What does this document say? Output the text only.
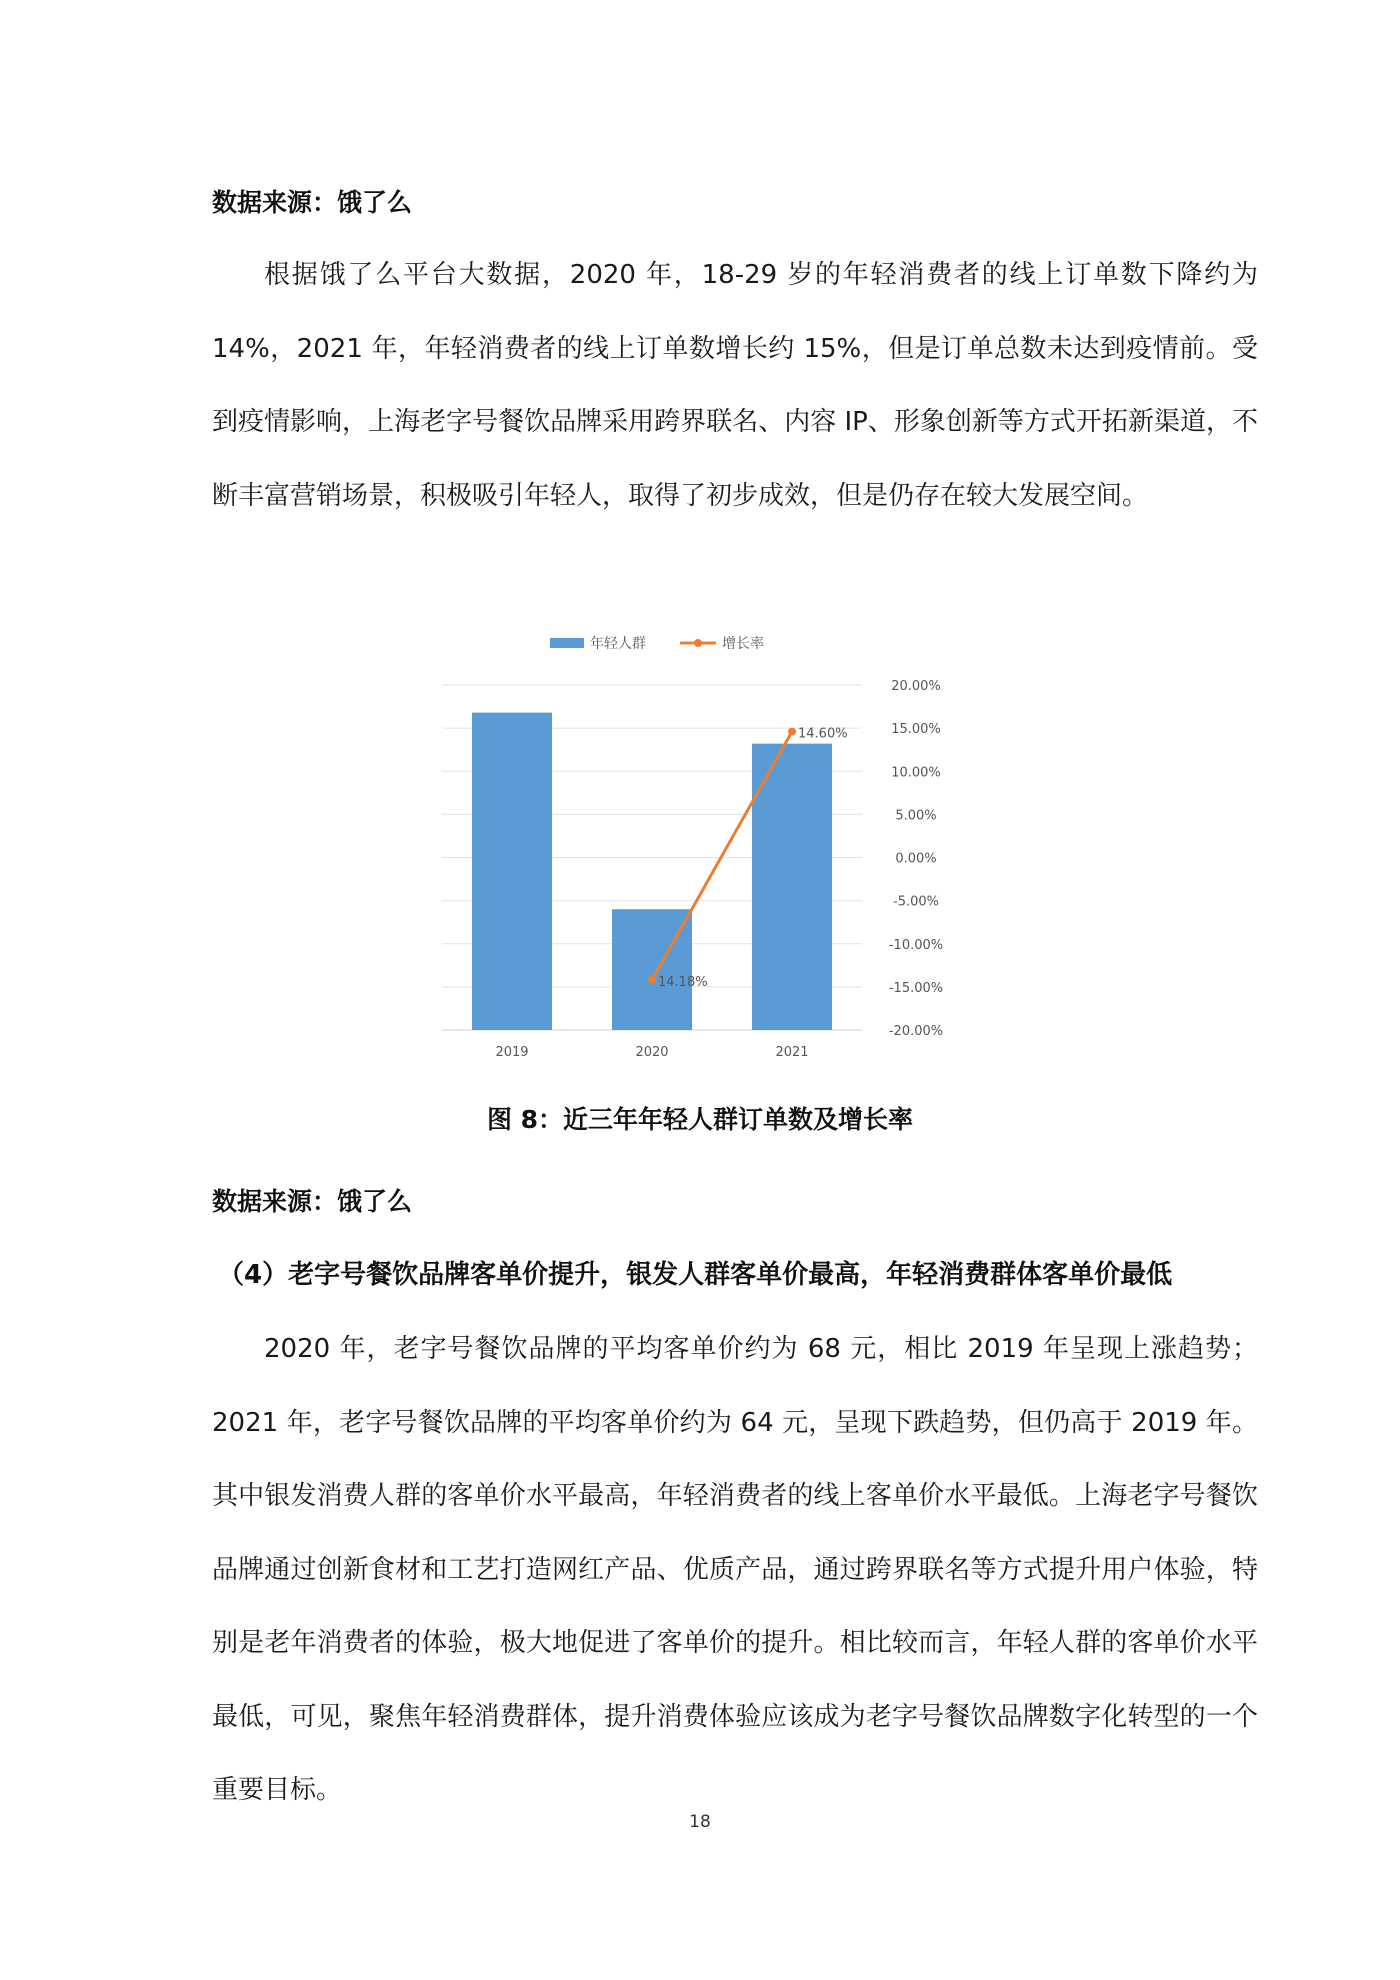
数据来源：饿了么

根据饿了么平台大数据，2020 年，18-29 岁的年轻消费者的线上订单数下降约为 14%，2021 年，年轻消费者的线上订单数增长约 15%，但是订单总数未达到疫情前。受到疫情影响，上海老字号餐饮品牌采用跨界联名、内容 IP、形象创新等方式开拓新渠道，不断丰富营销场景，积极吸引年轻人，取得了初步成效，但是仍存在较大发展空间。

年轻人群	增长率
20.00%
15.00%
10.00%
5.00%
0.00%
-5.00%
-10.00%
-15.00%
-20.00%
2019	2020	2021
14.18%
14.60%
图 8：近三年年轻人群订单数及增长率
数据来源：饿了么
（4）老字号餐饮品牌客单价提升，银发人群客单价最高，年轻消费群体客单价最低

2020 年，老字号餐饮品牌的平均客单价约为 68 元，相比 2019 年呈现上涨趋势；2021 年，老字号餐饮品牌的平均客单价约为 64 元，呈现下跌趋势，但仍高于 2019 年。其中银发消费人群的客单价水平最高，年轻消费者的线上客单价水平最低。上海老字号餐饮品牌通过创新食材和工艺打造网红产品、优质产品，通过跨界联名等方式提升用户体验，特别是老年消费者的体验，极大地促进了客单价的提升。相比较而言，年轻人群的客单价水平最低，可见，聚焦年轻消费群体，提升消费体验应该成为老字号餐饮品牌数字化转型的一个重要目标。

18
